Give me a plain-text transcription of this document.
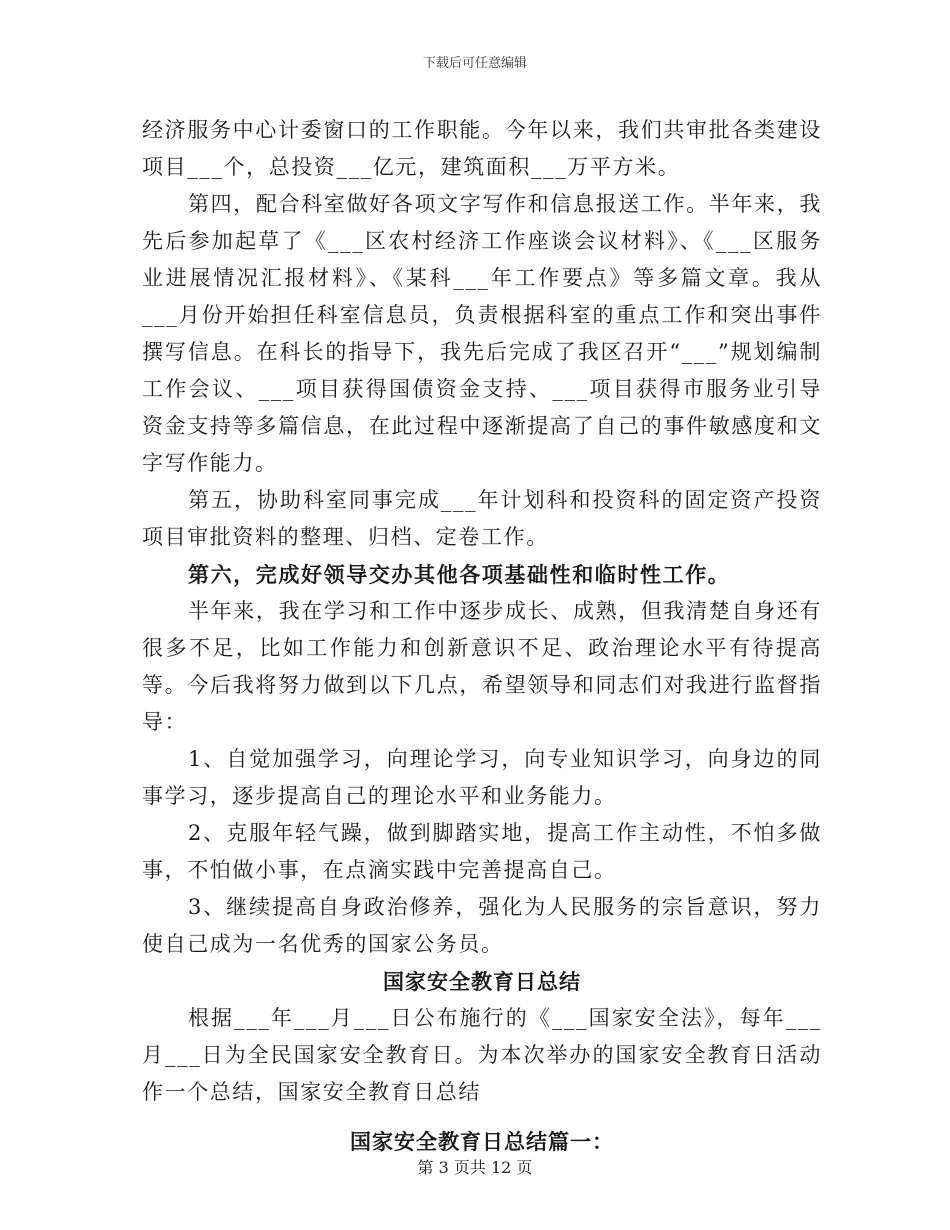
下载后可任意编辑

经济服务中心计委窗口的工作职能。今年以来，我们共审批各类建设项目___个，总投资___亿元，建筑面积___万平方米。

第四，配合科室做好各项文字写作和信息报送工作。半年来，我先后参加起草了《___区农村经济工作座谈会议材料》、《___区服务业进展情况汇报材料》、《某科___年工作要点》等多篇文章。我从___月份开始担任科室信息员，负责根据科室的重点工作和突出事件撰写信息。在科长的指导下，我先后完成了我区召开“___”规划编制工作会议、___项目获得国债资金支持、___项目获得市服务业引导资金支持等多篇信息，在此过程中逐渐提高了自己的事件敏感度和文字写作能力。

第五，协助科室同事完成___年计划科和投资科的固定资产投资项目审批资料的整理、归档、定卷工作。

第六，完成好领导交办其他各项基础性和临时性工作。

半年来，我在学习和工作中逐步成长、成熟，但我清楚自身还有很多不足，比如工作能力和创新意识不足、政治理论水平有待提高等。今后我将努力做到以下几点，希望领导和同志们对我进行监督指导：

1、自觉加强学习，向理论学习，向专业知识学习，向身边的同事学习，逐步提高自己的理论水平和业务能力。

2、克服年轻气躁，做到脚踏实地，提高工作主动性，不怕多做事，不怕做小事，在点滴实践中完善提高自己。

3、继续提高自身政治修养，强化为人民服务的宗旨意识，努力使自己成为一名优秀的国家公务员。

国家安全教育日总结

根据___年___月___日公布施行的《___国家安全法》，每年___月___日为全民国家安全教育日。为本次举办的国家安全教育日活动作一个总结，国家安全教育日总结

国家安全教育日总结篇一：
第 3 页共 12 页
